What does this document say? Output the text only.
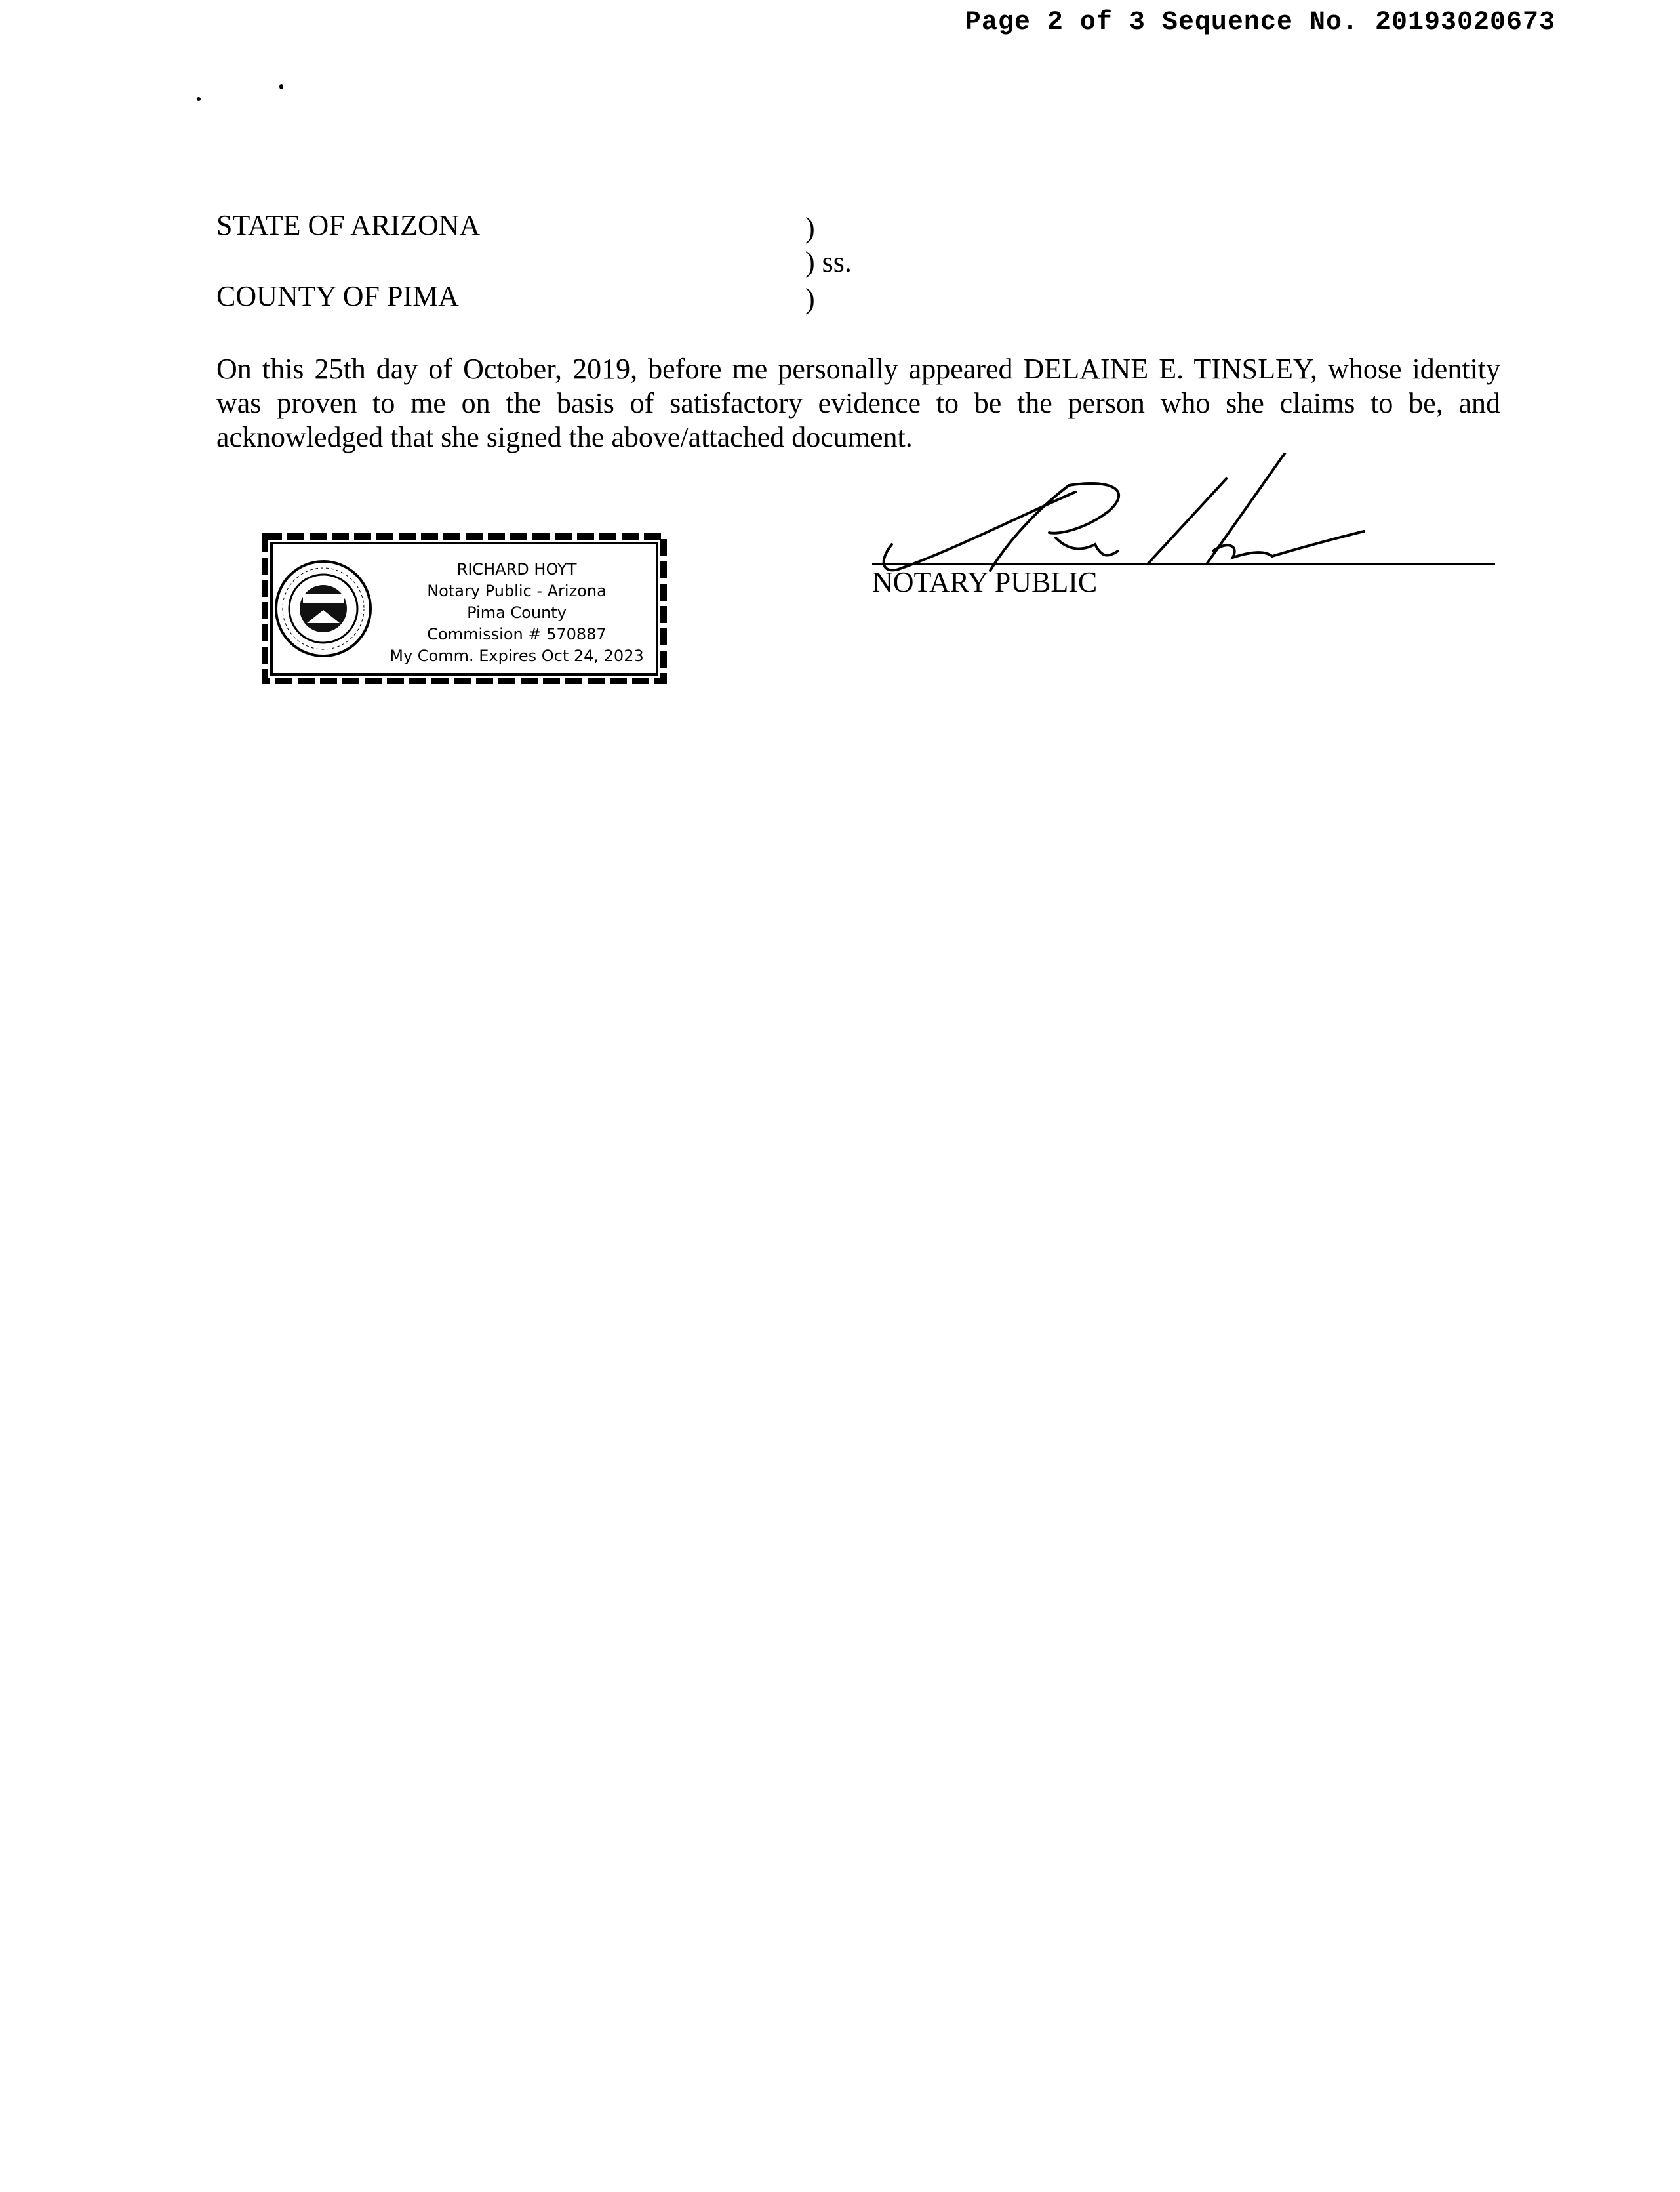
Page 2 of 3 Sequence No. 20193020673
STATE OF ARIZONA
COUNTY OF PIMA
)
) ss.
)
On this 25th day of October, 2019, before me personally appeared DELAINE E. TINSLEY, whose identity was proven to me on the basis of satisfactory evidence to be the person who she claims to be, and acknowledged that she signed the above/attached document.
RICHARD HOYT
Notary Public - Arizona
Pima County
Commission # 570887
My Comm. Expires Oct 24, 2023
NOTARY PUBLIC
